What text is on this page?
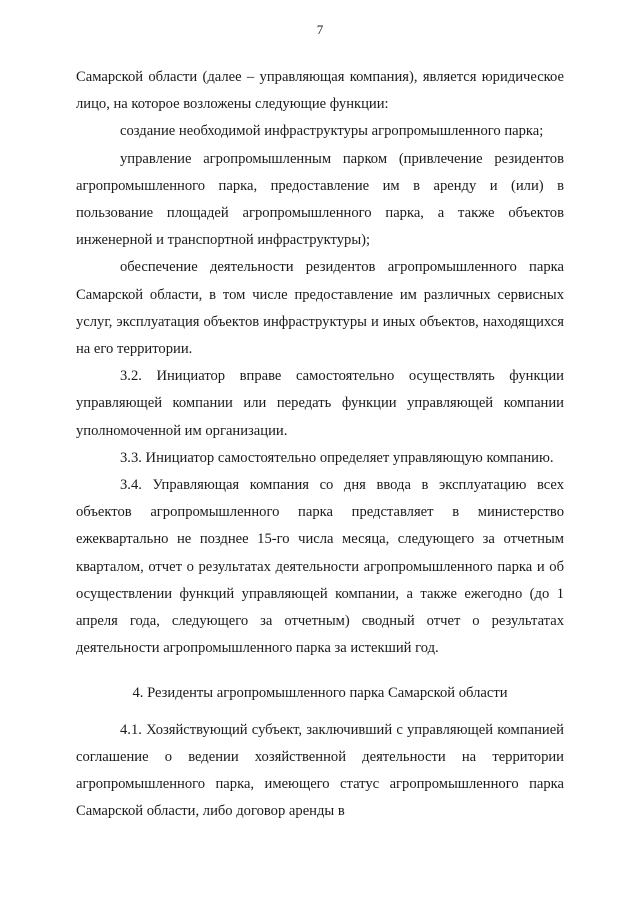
7

Самарской области (далее – управляющая компания), является юридическое лицо, на которое возложены следующие функции:

создание необходимой инфраструктуры агропромышленного парка;

управление агропромышленным парком (привлечение резидентов агропромышленного парка, предоставление им в аренду и (или) в пользование площадей агропромышленного парка, а также объектов инженерной и транспортной инфраструктуры);

обеспечение деятельности резидентов агропромышленного парка Самарской области, в том числе предоставление им различных сервисных услуг, эксплуатация объектов инфраструктуры и иных объектов, находящихся на его территории.

3.2. Инициатор вправе самостоятельно осуществлять функции управляющей компании или передать функции управляющей компании уполномоченной им организации.

3.3. Инициатор самостоятельно определяет управляющую компанию.

3.4. Управляющая компания со дня ввода в эксплуатацию всех объектов агропромышленного парка представляет в министерство ежеквартально не позднее 15-го числа месяца, следующего за отчетным кварталом, отчет о результатах деятельности агропромышленного парка и об осуществлении функций управляющей компании, а также ежегодно (до 1 апреля года, следующего за отчетным) сводный отчет о результатах деятельности агропромышленного парка за истекший год.

4. Резиденты агропромышленного парка Самарской области

4.1. Хозяйствующий субъект, заключивший с управляющей компанией соглашение о ведении хозяйственной деятельности на территории агропромышленного парка, имеющего статус агропромышленного парка Самарской области, либо договор аренды в
